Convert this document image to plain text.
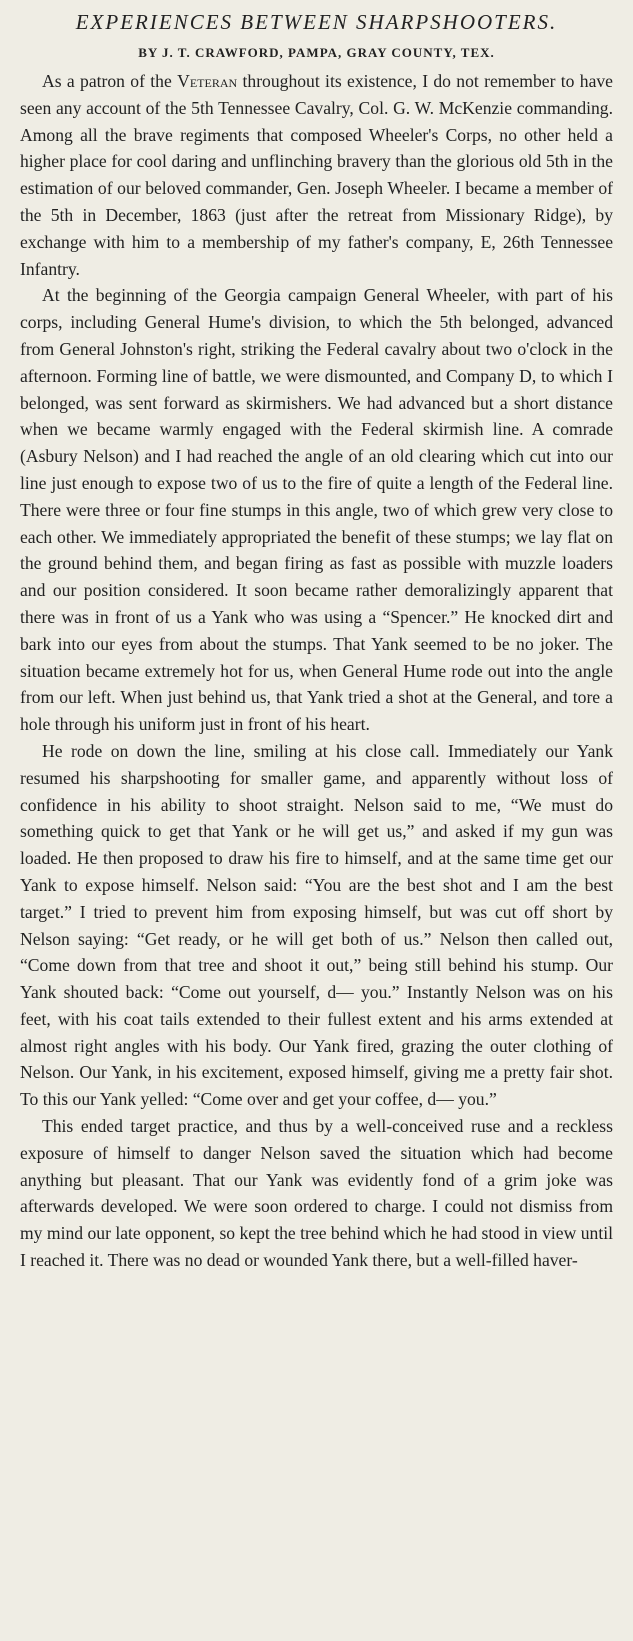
EXPERIENCES BETWEEN SHARPSHOOTERS.
BY J. T. CRAWFORD, PAMPA, GRAY COUNTY, TEX.

As a patron of the Veteran throughout its existence, I do not remember to have seen any account of the 5th Tennessee Cavalry, Col. G. W. McKenzie commanding. Among all the brave regiments that composed Wheeler's Corps, no other held a higher place for cool daring and unflinching bravery than the glorious old 5th in the estimation of our beloved commander, Gen. Joseph Wheeler. I became a member of the 5th in December, 1863 (just after the retreat from Missionary Ridge), by exchange with him to a membership of my father's company, E, 26th Tennessee Infantry.

At the beginning of the Georgia campaign General Wheeler, with part of his corps, including General Hume's division, to which the 5th belonged, advanced from General Johnston's right, striking the Federal cavalry about two o'clock in the afternoon. Forming line of battle, we were dismounted, and Company D, to which I belonged, was sent forward as skirmishers. We had advanced but a short distance when we became warmly engaged with the Federal skirmish line. A comrade (Asbury Nelson) and I had reached the angle of an old clearing which cut into our line just enough to expose two of us to the fire of quite a length of the Federal line. There were three or four fine stumps in this angle, two of which grew very close to each other. We immediately appropriated the benefit of these stumps; we lay flat on the ground behind them, and began firing as fast as possible with muzzle loaders and our position considered. It soon became rather demoralizingly apparent that there was in front of us a Yank who was using a “Spencer.” He knocked dirt and bark into our eyes from about the stumps. That Yank seemed to be no joker. The situation became extremely hot for us, when General Hume rode out into the angle from our left. When just behind us, that Yank tried a shot at the General, and tore a hole through his uniform just in front of his heart.

He rode on down the line, smiling at his close call. Immediately our Yank resumed his sharpshooting for smaller game, and apparently without loss of confidence in his ability to shoot straight. Nelson said to me, “We must do something quick to get that Yank or he will get us,” and asked if my gun was loaded. He then proposed to draw his fire to himself, and at the same time get our Yank to expose himself. Nelson said: “You are the best shot and I am the best target.” I tried to prevent him from exposing himself, but was cut off short by Nelson saying: “Get ready, or he will get both of us.” Nelson then called out, “Come down from that tree and shoot it out,” being still behind his stump. Our Yank shouted back: “Come out yourself, d— you.” Instantly Nelson was on his feet, with his coat tails extended to their fullest extent and his arms extended at almost right angles with his body. Our Yank fired, grazing the outer clothing of Nelson. Our Yank, in his excitement, exposed himself, giving me a pretty fair shot. To this our Yank yelled: “Come over and get your coffee, d— you.”

This ended target practice, and thus by a well-conceived ruse and a reckless exposure of himself to danger Nelson saved the situation which had become anything but pleasant. That our Yank was evidently fond of a grim joke was afterwards developed. We were soon ordered to charge. I could not dismiss from my mind our late opponent, so kept the tree behind which he had stood in view until I reached it. There was no dead or wounded Yank there, but a well-filled haver-
